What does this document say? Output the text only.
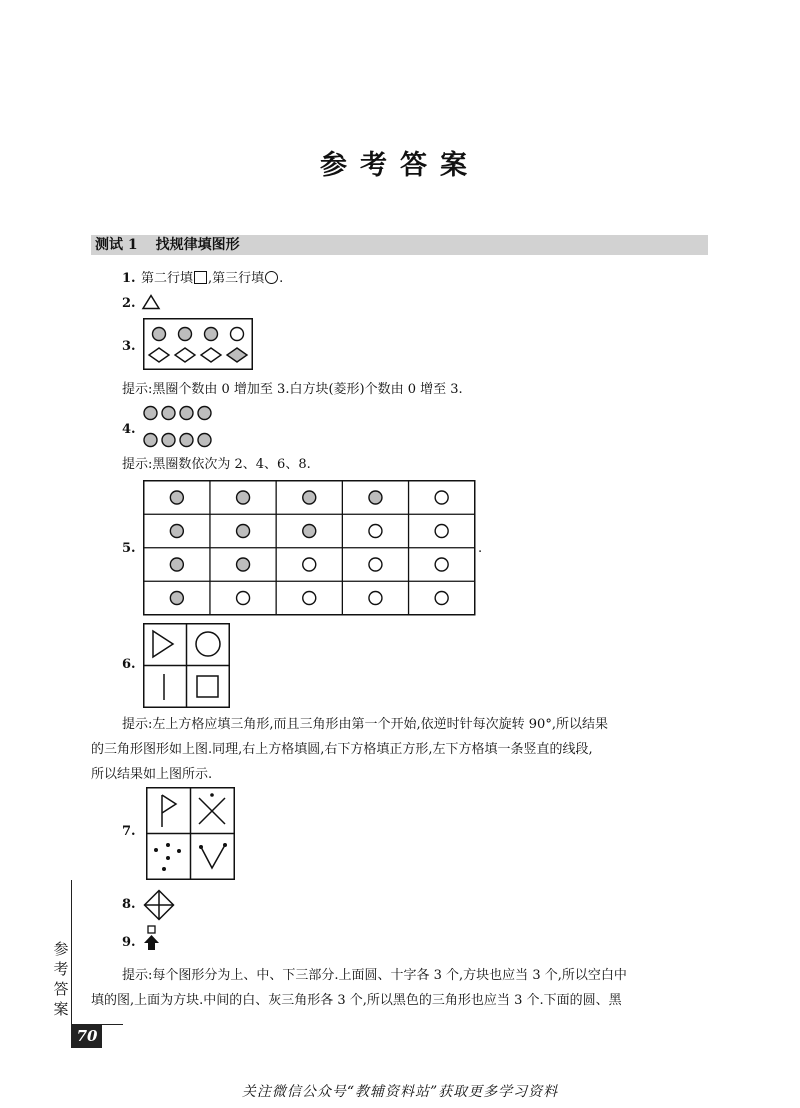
参考答案
测试 1 找规律填图形
1. 第二行填 ,第三行填 .
2.
3.
提示:黑圈个数由 0 增加至 3.白方块(菱形)个数由 0 增至 3.
4.
提示:黑圈数依次为 2、4、6、8.
5.	.
6.
提示:左上方格应填三角形,而且三角形由第一个开始,依逆时针每次旋转 90°,所以结果
的三角形图形如上图.同理,右上方格填圆,右下方格填正方形,左下方格填一条竖直的线段,
所以结果如上图所示.
7.
8.
9.
提示:每个图形分为上、中、下三部分.上面圆、十字各 3 个,方块也应当 3 个,所以空白中
填的图,上面为方块.中间的白、灰三角形各 3 个,所以黑色的三角形也应当 3 个.下面的圆、黑
参
考
答
案
70
关注微信公众号“教辅资料站”获取更多学习资料
